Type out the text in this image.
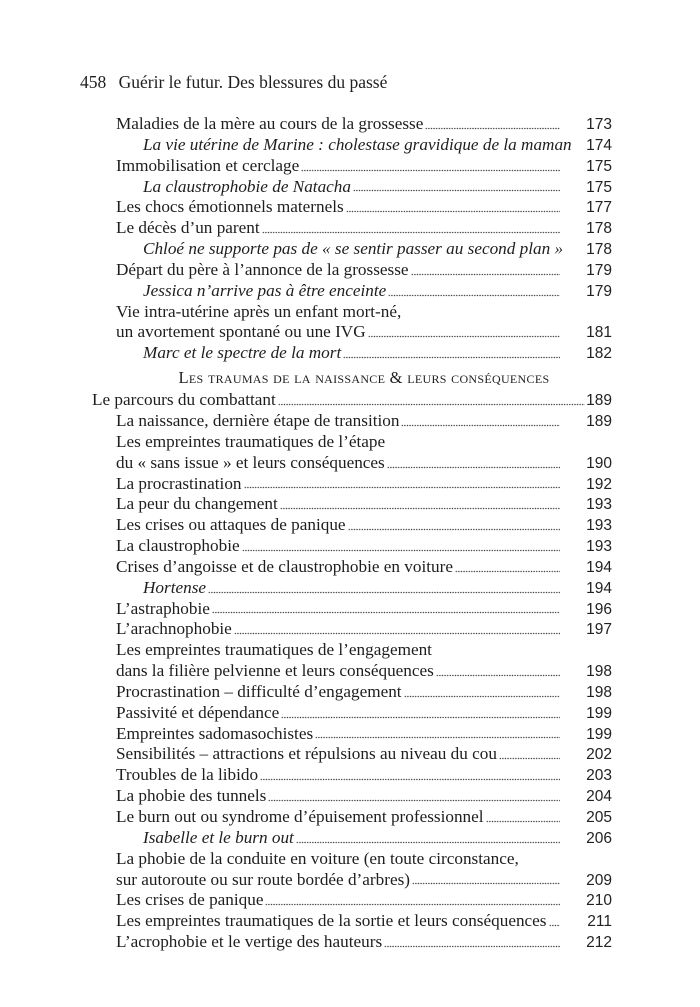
458 Guérir le futur. Des blessures du passé
Maladies de la mère au cours de la grossesse	173
La vie utérine de Marine : cholestase gravidique de la maman 174
Immobilisation et cerclage	175
La claustrophobie de Natacha	175
Les chocs émotionnels maternels	177
Le décès d’un parent	178
Chloé ne supporte pas de « se sentir passer au second plan »	178
Départ du père à l’annonce de la grossesse	179
Jessica n’arrive pas à être enceinte	179
Vie intra-utérine après un enfant mort-né,
un avortement spontané ou une IVG	181
Marc et le spectre de la mort	182
Les traumas de la naissance & leurs conséquences
Le parcours du combattant	189
La naissance, dernière étape de transition	189
Les empreintes traumatiques de l’étape
du « sans issue » et leurs conséquences	190
La procrastination	192
La peur du changement	193
Les crises ou attaques de panique	193
La claustrophobie	193
Crises d’angoisse et de claustrophobie en voiture	194
Hortense	194
L’astraphobie	196
L’arachnophobie	197
Les empreintes traumatiques de l’engagement
dans la filière pelvienne et leurs conséquences	198
Procrastination – difficulté d’engagement	198
Passivité et dépendance	199
Empreintes sadomasochistes	199
Sensibilités – attractions et répulsions au niveau du cou	202
Troubles de la libido	203
La phobie des tunnels	204
Le burn out ou syndrome d’épuisement professionnel	205
Isabelle et le burn out	206
La phobie de la conduite en voiture (en toute circonstance,
sur autoroute ou sur route bordée d’arbres)	209
Les crises de panique	210
Les empreintes traumatiques de la sortie et leurs conséquences	211
L’acrophobie et le vertige des hauteurs	212
